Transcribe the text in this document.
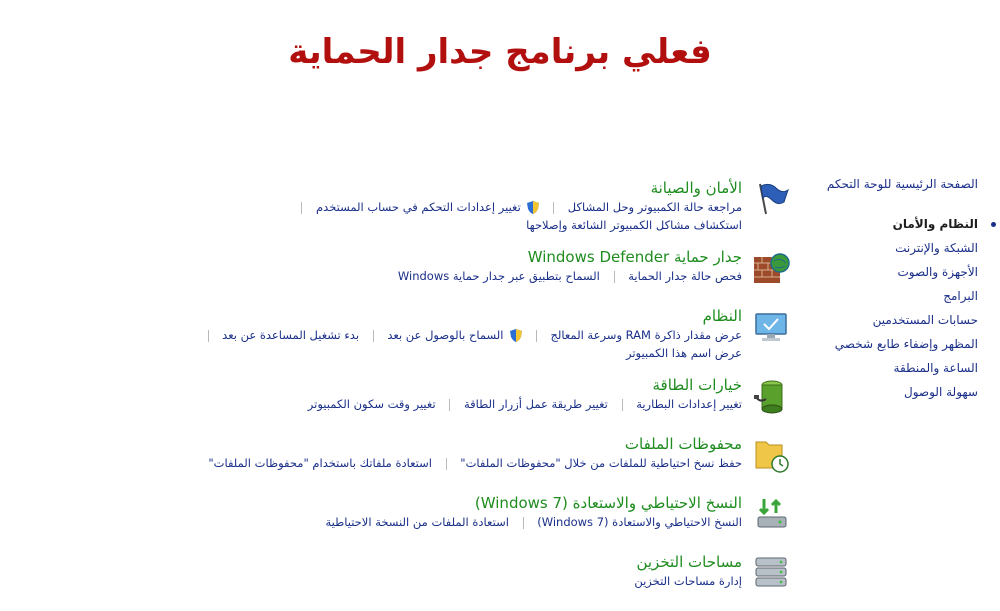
فعلي برنامج جدار الحماية
الصفحة الرئيسية للوحة التحكم
النظام والأمان
الشبكة والإنترنت
الأجهزة والصوت
البرامج
حسابات المستخدمين
المظهر وإضفاء طابع شخصي
الساعة والمنطقة
سهولة الوصول
الأمان والصيانة
مراجعة حالة الكمبيوتر وحل المشاكل   تغيير إعدادات التحكم في حساب المستخدم
استكشاف مشاكل الكمبيوتر الشائعة وإصلاحها
جدار حماية Windows Defender
فحص حالة جدار الحماية  السماح بتطبيق عبر جدار حماية Windows
النظام
عرض مقدار ذاكرة RAM وسرعة المعالج   السماح بالوصول عن بعد  بدء تشغيل المساعدة عن بعد
عرض اسم هذا الكمبيوتر
خيارات الطاقة
تغيير إعدادات البطارية  تغيير طريقة عمل أزرار الطاقة  تغيير وقت سكون الكمبيوتر
محفوظات الملفات
حفظ نسخ احتياطية للملفات من خلال "محفوظات الملفات"  استعادة ملفاتك باستخدام "محفوظات الملفات"
النسخ الاحتياطي والاستعادة (Windows 7)
النسخ الاحتياطي والاستعادة (Windows 7)  استعادة الملفات من النسخة الاحتياطية
مساحات التخزين
إدارة مساحات التخزين
